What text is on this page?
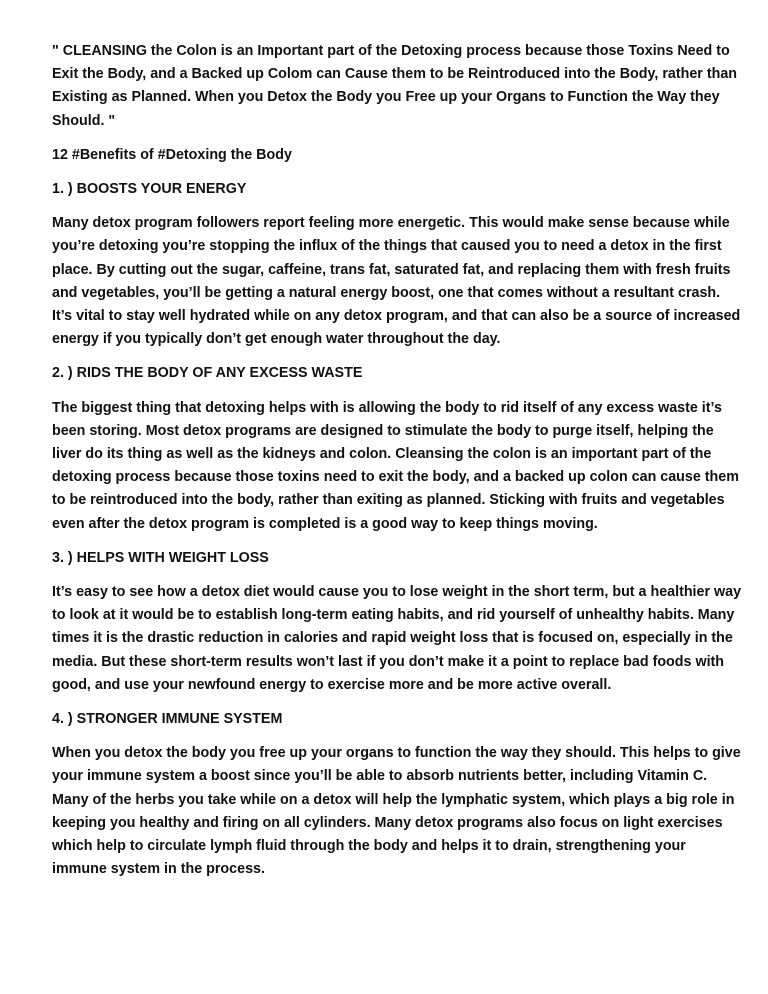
" CLEANSING the Colon is an Important part of the Detoxing process because those Toxins Need to Exit the Body, and a Backed up Colom can Cause them to be Reintroduced into the Body, rather than Existing as Planned. When you Detox the Body you Free up your Organs to Function the Way they Should. "

12 #Benefits of #Detoxing the Body

1. ) BOOSTS YOUR ENERGY

Many detox program followers report feeling more energetic. This would make sense because while you’re detoxing you’re stopping the influx of the things that caused you to need a detox in the first place. By cutting out the sugar, caffeine, trans fat, saturated fat, and replacing them with fresh fruits and vegetables, you’ll be getting a natural energy boost, one that comes without a resultant crash. It’s vital to stay well hydrated while on any detox program, and that can also be a source of increased energy if you typically don’t get enough water throughout the day.

2. ) RIDS THE BODY OF ANY EXCESS WASTE

The biggest thing that detoxing helps with is allowing the body to rid itself of any excess waste it’s been storing. Most detox programs are designed to stimulate the body to purge itself, helping the liver do its thing as well as the kidneys and colon. Cleansing the colon is an important part of the detoxing process because those toxins need to exit the body, and a backed up colon can cause them to be reintroduced into the body, rather than exiting as planned. Sticking with fruits and vegetables even after the detox program is completed is a good way to keep things moving.

3. ) HELPS WITH WEIGHT LOSS

It’s easy to see how a detox diet would cause you to lose weight in the short term, but a healthier way to look at it would be to establish long-term eating habits, and rid yourself of unhealthy habits. Many times it is the drastic reduction in calories and rapid weight loss that is focused on, especially in the media. But these short-term results won’t last if you don’t make it a point to replace bad foods with good, and use your newfound energy to exercise more and be more active overall.

4. ) STRONGER IMMUNE SYSTEM

When you detox the body you free up your organs to function the way they should. This helps to give your immune system a boost since you’ll be able to absorb nutrients better, including Vitamin C. Many of the herbs you take while on a detox will help the lymphatic system, which plays a big role in keeping you healthy and firing on all cylinders. Many detox programs also focus on light exercises which help to circulate lymph fluid through the body and helps it to drain, strengthening your immune system in the process.
